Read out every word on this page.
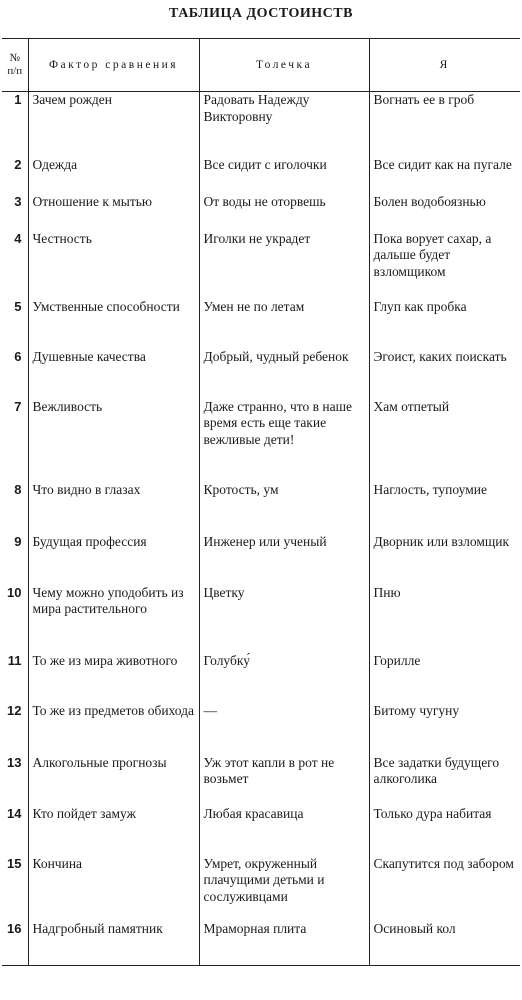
ТАБЛИЦА ДОСТОИНСТВ
№ п/п	Фактор сравнения	Толечка	Я
1	Зачем рожден	Радовать Надежду Викторовну	Вогнать ее в гроб
2	Одежда	Все сидит с иголочки	Все сидит как на пугале
3	Отношение к мытью	От воды не оторвешь	Болен водобоязнью
4	Честность	Иголки не украдет	Пока ворует сахар, а дальше будет взломщиком
5	Умственные способности	Умен не по летам	Глуп как пробка
6	Душевные качества	Добрый, чудный ребенок	Эгоист, каких поискать
7	Вежливость	Даже странно, что в наше время есть еще такие вежливые дети!	Хам отпетый
8	Что видно в глазах	Кротость, ум	Наглость, тупоумие
9	Будущая профессия	Инженер или ученый	Дворник или взломщик
10	Чему можно уподобить из мира растительного	Цветку	Пню
11	То же из мира животного	Голубку́	Горилле
12	То же из предметов обихода	—	Битому чугуну
13	Алкогольные прогнозы	Уж этот капли в рот не возьмет	Все задатки будущего алкоголика
14	Кто пойдет замуж	Любая красавица	Только дура набитая
15	Кончина	Умрет, окруженный плачущими детьми и сослуживцами	Скапутится под забором
16	Надгробный памятник	Мраморная плита	Осиновый кол
